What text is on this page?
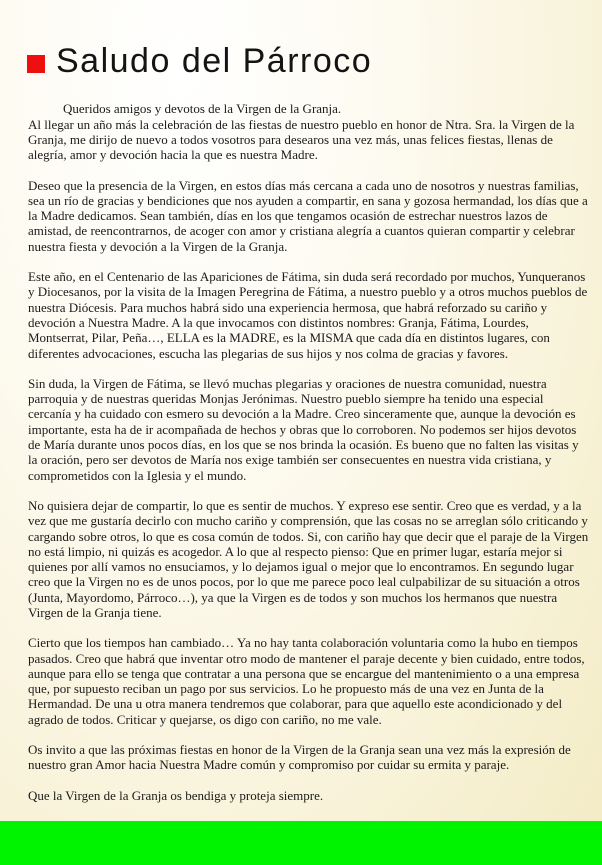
Saludo del Párroco

Queridos amigos y devotos de la Virgen de la Granja.

Al llegar un año más la celebración de las fiestas de nuestro pueblo en honor de Ntra. Sra. la Virgen de la Granja, me dirijo de nuevo a todos vosotros para desearos una vez más, unas felices fiestas, llenas de alegría, amor y devoción hacia la que es nuestra Madre.

Deseo que la presencia de la Virgen, en estos días más cercana a cada uno de nosotros y nuestras familias, sea un río de gracias y bendiciones que nos ayuden a compartir, en sana y gozosa hermandad, los días que a la Madre dedicamos. Sean también, días en los que tengamos ocasión de estrechar nuestros lazos de amistad, de reencontrarnos, de acoger con amor y cristiana alegría a cuantos quieran compartir y celebrar nuestra fiesta y devoción a la Virgen de la Granja.

Este año, en el Centenario de las Apariciones de Fátima, sin duda será recordado por muchos, Yunqueranos y Diocesanos, por la visita de la Imagen Peregrina de Fátima, a nuestro pueblo y a otros muchos pueblos de nuestra Diócesis. Para muchos habrá sido una experiencia hermosa, que habrá reforzado su cariño y devoción a Nuestra Madre. A la que invocamos con distintos nombres: Granja, Fátima, Lourdes, Montserrat, Pilar, Peña…, ELLA es la MADRE, es la MISMA que cada día en distintos lugares, con diferentes advocaciones, escucha las plegarias de sus hijos y nos colma de gracias y favores.

Sin duda, la Virgen de Fátima, se llevó muchas plegarias y oraciones de nuestra comunidad, nuestra parroquia y de nuestras queridas Monjas Jerónimas. Nuestro pueblo siempre ha tenido una especial cercanía y ha cuidado con esmero su devoción a la Madre. Creo sinceramente que, aunque la devoción es importante, esta ha de ir acompañada de hechos y obras que lo corroboren. No podemos ser hijos devotos de María durante unos pocos días, en los que se nos brinda la ocasión. Es bueno que no falten las visitas y la oración, pero ser devotos de María nos exige también ser consecuentes en nuestra vida cristiana, y comprometidos con la Iglesia y el mundo.

No quisiera dejar de compartir, lo que es sentir de muchos. Y expreso ese sentir. Creo que es verdad, y a la vez que me gustaría decirlo con mucho cariño y comprensión, que las cosas no se arreglan sólo criticando y cargando sobre otros, lo que es cosa común de todos. Si, con cariño hay que decir que el paraje de la Virgen no está limpio, ni quizás es acogedor. A lo que al respecto pienso: Que en primer lugar, estaría mejor si quienes por allí vamos no ensuciamos, y lo dejamos igual o mejor que lo encontramos. En segundo lugar creo que la Virgen no es de unos pocos, por lo que me parece poco leal culpabilizar de su situación a otros (Junta, Mayordomo, Párroco…), ya que la Virgen es de todos y son muchos los hermanos que nuestra Virgen de la Granja tiene.

Cierto que los tiempos han cambiado… Ya no hay tanta colaboración voluntaria como la hubo en tiempos pasados. Creo que habrá que inventar otro modo de mantener el paraje decente y bien cuidado, entre todos, aunque para ello se tenga que contratar a una persona que se encargue del mantenimiento o a una empresa que, por supuesto reciban un pago por sus servicios. Lo he propuesto más de una vez en Junta de la Hermandad. De una u otra manera tendremos que colaborar, para que aquello este acondicionado y del agrado de todos. Criticar y quejarse, os digo con cariño, no me vale.

Os invito a que las próximas fiestas en honor de la Virgen de la Granja sean una vez más la expresión de nuestro gran Amor hacia Nuestra Madre común y compromiso por cuidar su ermita y paraje.

Que la Virgen de la Granja os bendiga y proteja siempre.
